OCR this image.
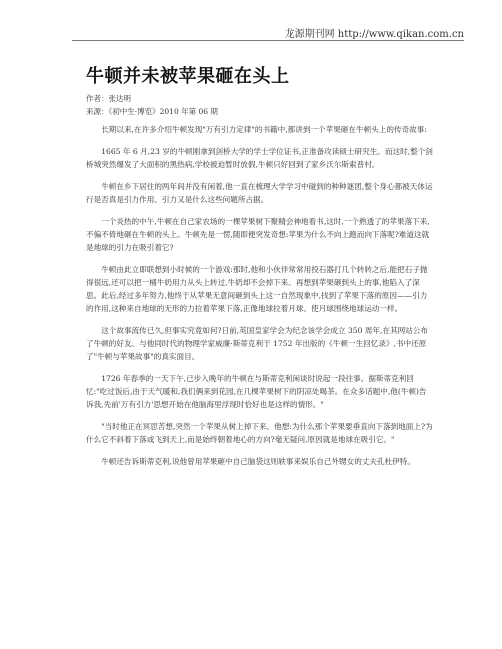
龙源期刊网 http://www.qikan.com.cn
牛顿并未被苹果砸在头上
作者：张达明
来源：《初中生·博览》2010 年第 06 期

长期以来,在许多介绍牛顿发现"万有引力定律"的书籍中,都讲到一个苹果砸在牛顿头上的传奇故事:

1665 年 6 月,23 岁的牛顿刚拿到剑桥大学的学士学位证书,正准备攻读硕士研究生。而这时,整个剑桥城突然爆发了大面积的黑热病,学校被迫暂时放假,牛顿只好回到了家乡沃尔斯索普村。

牛顿在乡下居住的两年间并没有闲着,他一直在梳理大学学习中碰到的种种谜团,整个身心都被天体运行是否真是引力作用、引力又是什么这些问题所占据。

一个炎热的中午,牛顿在自己家农场的一棵苹果树下聚精会神地看书,这时,一个熟透了的苹果落下来,不偏不倚地砸在牛顿的头上。牛顿先是一愣,随即便突发奇想:苹果为什么不向上跑而向下落呢?难道这就是地球的引力在吸引着它?

牛顿由此立即联想到小时候的一个游戏:那时,他和小伙伴常常用投石器打几个转转之后,能把石子抛得很远,还可以把一桶牛奶用力从头上转过,牛奶却不会掉下来。再想到苹果砸到头上的事,他陷入了深思。此后,经过多年努力,他终于从苹果无意间砸到头上这一自然现象中,找到了苹果下落的原因——引力的作用,这种来自地球的无形的力拉着苹果下落,正像地球拉着月球、使月球围绕地球运动一样。

这个故事流传已久,但事实究竟如何?日前,英国皇家学会为纪念该学会成立 350 周年,在其网站公布了牛顿的好友、与他同时代的物理学家威廉·斯蒂克利于 1752 年出版的《牛顿一生回忆录》,书中还原了"牛顿与苹果故事"的真实面目。

1726 年春季的一天下午,已步入晚年的牛顿在与斯蒂克利闲谈时说起一段往事。据斯蒂克利回忆:"吃过饭后,由于天气暖和,我们俩来到花园,在几棵苹果树下的阴凉处喝茶。在众多话题中,他(牛顿)告诉我,先前'万有引力'思想开始在他脑海里浮现时恰好也是这样的情形。"

"当时他正在冥思苦想,突然一个苹果从树上掉下来。他想:为什么那个苹果要垂直向下落到地面上?为什么它不斜着下落或飞到天上,而是始终朝着地心的方向?毫无疑问,原因就是地球在吸引它。"

牛顿还告诉斯蒂克利,说他曾用苹果砸中自己脑袋这则轶事来娱乐自己外甥女的丈夫孔杜伊特。
